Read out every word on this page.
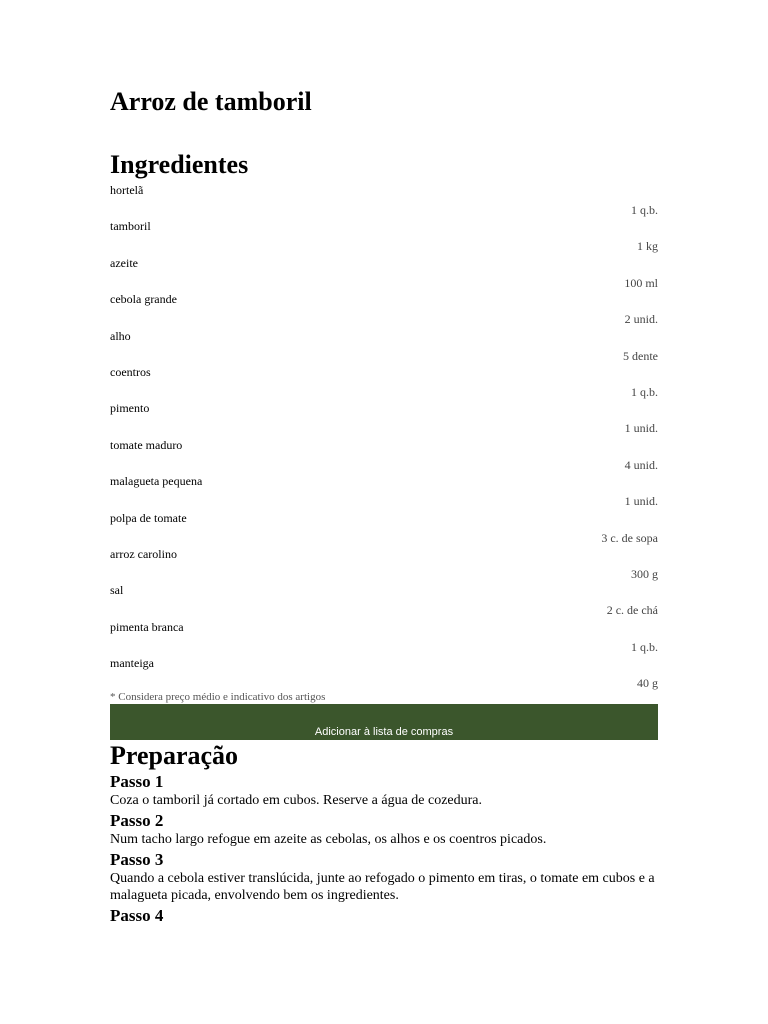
Arroz de tamboril
Ingredientes
hortelã
1 q.b.
tamboril
1 kg
azeite
100 ml
cebola grande
2 unid.
alho
5 dente
coentros
1 q.b.
pimento
1 unid.
tomate maduro
4 unid.
malagueta pequena
1 unid.
polpa de tomate
3 c. de sopa
arroz carolino
300 g
sal
2 c. de chá
pimenta branca
1 q.b.
manteiga
40 g
* Considera preço médio e indicativo dos artigos
Adicionar à lista de compras
Preparação
Passo 1

Coza o tamboril já cortado em cubos. Reserve a água de cozedura.

Passo 2

Num tacho largo refogue em azeite as cebolas, os alhos e os coentros picados.

Passo 3

Quando a cebola estiver translúcida, junte ao refogado o pimento em tiras, o tomate em cubos e a malagueta picada, envolvendo bem os ingredientes.

Passo 4
